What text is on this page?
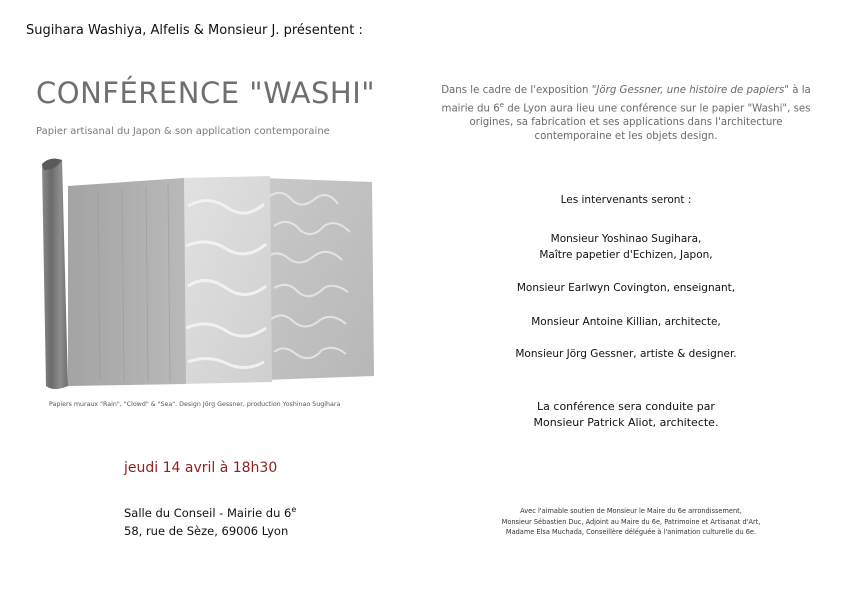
Sugihara Washiya, Alfelis & Monsieur J. présentent :
CONFÉRENCE "WASHI"
Papier artisanal du Japon & son application contemporaine
Papiers muraux "Rain", "Clowd" & "Sea". Design Jörg Gessner, production Yoshinao Sugihara
jeudi 14 avril à 18h30
Salle du Conseil - Mairie du 6e
58, rue de Sèze, 69006 Lyon
Dans le cadre de l'exposition "Jörg Gessner, une histoire de papiers" à la mairie du 6e de Lyon aura lieu une conférence sur le papier "Washi", ses origines, sa fabrication et ses applications dans l'architecture contemporaine et les objets design.
Les intervenants seront :
Monsieur Yoshinao Sugihara,
Maître papetier d'Echizen, Japon,
Monsieur Earlwyn Covington, enseignant,
Monsieur Antoine Killian, architecte,
Monsieur Jörg Gessner, artiste & designer.
La conférence sera conduite par
Monsieur Patrick Aliot, architecte.
Avec l'aimable soutien de Monsieur le Maire du 6e arrondissement,
Monsieur Sébastien Duc, Adjoint au Maire du 6e, Patrimoine et Artisanat d'Art,
Madame Elsa Muchada, Conseillère déléguée à l'animation culturelle du 6e.
